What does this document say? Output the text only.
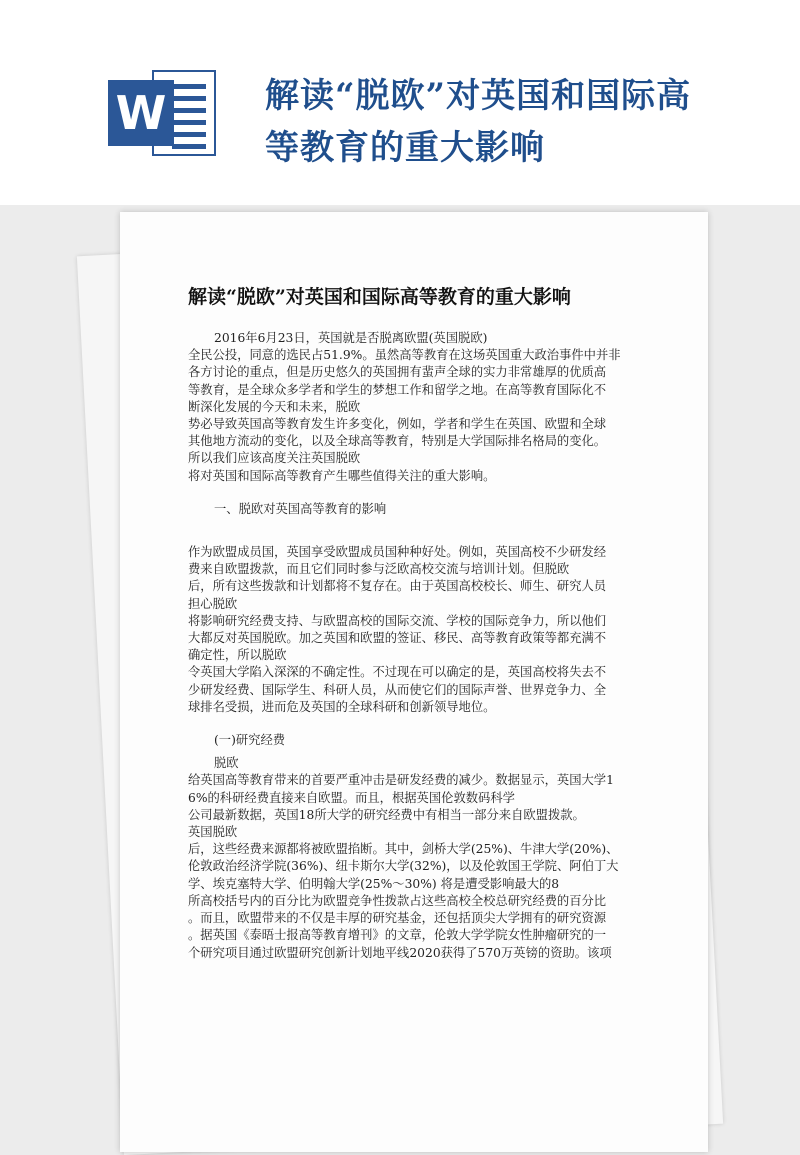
W	解读“脱欧”对英国和国际高等教育的重大影响
解读“脱欧”对英国和国际高等教育的重大影响
2016年6月23日，英国就是否脱离欧盟(英国脱欧)
全民公投，同意的选民占51.9%。虽然高等教育在这场英国重大政治事件中并非
各方讨论的重点，但是历史悠久的英国拥有蜚声全球的实力非常雄厚的优质高
等教育，是全球众多学者和学生的梦想工作和留学之地。在高等教育国际化不
断深化发展的今天和未来，脱欧
势必导致英国高等教育发生许多变化，例如，学者和学生在英国、欧盟和全球
其他地方流动的变化，以及全球高等教育，特别是大学国际排名格局的变化。
所以我们应该高度关注英国脱欧
将对英国和国际高等教育产生哪些值得关注的重大影响。
一、脱欧对英国高等教育的影响
作为欧盟成员国，英国享受欧盟成员国种种好处。例如，英国高校不少研发经
费来自欧盟拨款，而且它们同时参与泛欧高校交流与培训计划。但脱欧
后，所有这些拨款和计划都将不复存在。由于英国高校校长、师生、研究人员
担心脱欧
将影响研究经费支持、与欧盟高校的国际交流、学校的国际竞争力，所以他们
大都反对英国脱欧。加之英国和欧盟的签证、移民、高等教育政策等都充满不
确定性，所以脱欧
令英国大学陷入深深的不确定性。不过现在可以确定的是，英国高校将失去不
少研发经费、国际学生、科研人员，从而使它们的国际声誉、世界竞争力、全
球排名受损，进而危及英国的全球科研和创新领导地位。
(一)研究经费
脱欧
给英国高等教育带来的首要严重冲击是研发经费的减少。数据显示，英国大学1
6%的科研经费直接来自欧盟。而且，根据英国伦敦数码科学
公司最新数据，英国18所大学的研究经费中有相当一部分来自欧盟拨款。
英国脱欧
后，这些经费来源都将被欧盟掐断。其中，剑桥大学(25%)、牛津大学(20%)、
伦敦政治经济学院(36%)、纽卡斯尔大学(32%)，以及伦敦国王学院、阿伯丁大
学、埃克塞特大学、伯明翰大学(25%～30%) 将是遭受影响最大的8
所高校括号内的百分比为欧盟竞争性拨款占这些高校全校总研究经费的百分比
。而且，欧盟带来的不仅是丰厚的研究基金，还包括顶尖大学拥有的研究资源
。据英国《泰晤士报高等教育增刊》的文章，伦敦大学学院女性肿瘤研究的一
个研究项目通过欧盟研究创新计划地平线2020获得了570万英镑的资助。该项
